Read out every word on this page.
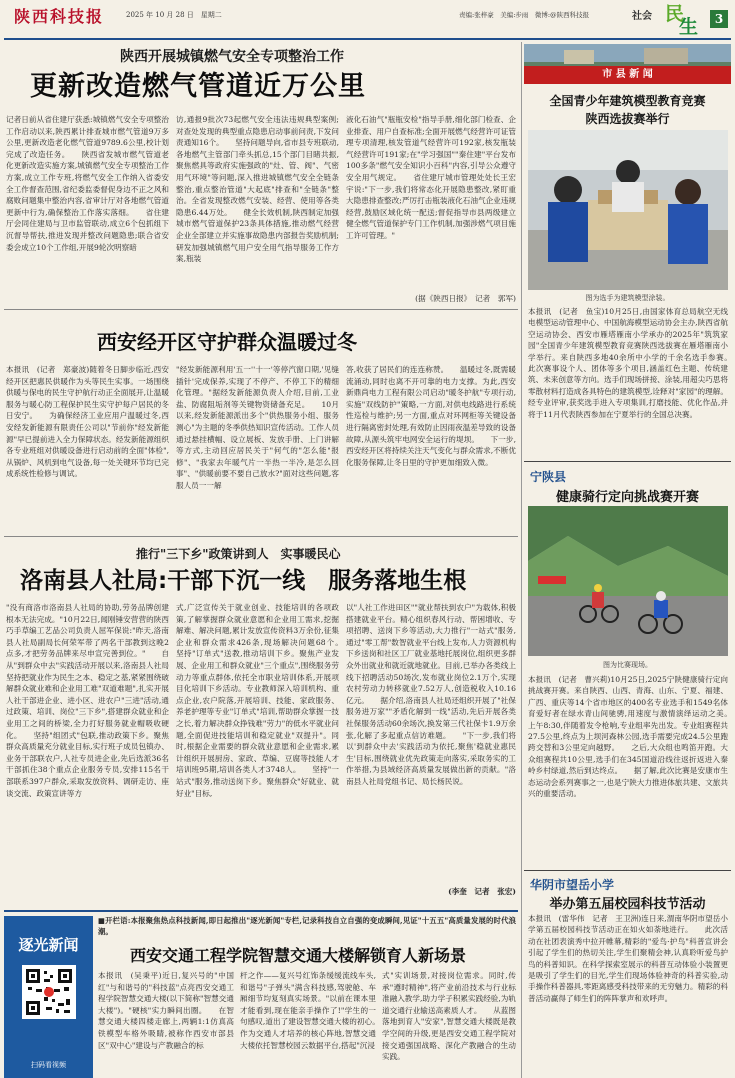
陕西科技报	2025 年 10 月 28 日　星期二	责编:张梓豪　美编:步雨　微博:@陕西科技报	社会 民
生	3
陕西开展城镇燃气安全专项整治工作
更新改造燃气管道近万公里
记者日前从省住建厅获悉:城镇燃气安全专项整治工作启动以来,陕西累计排查城市燃气管道9万多公里,更新改造老化燃气管道9789.6公里,校计划完成了改造任务。　　陕西省发城市燃气管道老化更新改造实施方案,城镇燃气安全专项整治工作方案,成立工作专班,将燃气安全工作纳入省委安全工作督查范围,省纪委监委督促身边不正之风和腐败问题集中整治内容,省审计厅对各地燃气管道更新中行为,确保整治工作落实落细。　　省住建厅会同住建局与卫市监管联动,成立6个包抓组下沉督导帮扶,推进发现并整改问题隐患;联合省安委会成立10个工作组,开展9轮次明察暗
访,通报9批次73起燃气安全违法违规典型案例;对查处发现的典型重点隐患启动事前问责,下发问责通知16个。　　坚持问题导向,省市县专班联动,各地燃气主管部门牵头抓总,15个部门目睹共振,聚焦燃具等政府实施强政的"灶、管、阀"、气密用气环境"等问题,深入推进城镇燃气安全全链条整治,重点整治管道"大起底"排查和"全链条"整治。全省发现整改燃气安装、经营、使用等各类隐患6.44万处。　　健全长效机制,陕西制定加强城市燃气管道保护23条具体措施,推动燃气经营企业全部建立并实施事故隐患内部报告奖励机制;研发加强城镇燃气用户安全用气指导服务工作方案,瓶装
液化石油气"瓶瓶安检"指导手册,细化部门检查、企业排查、用户自查标准;全面开展燃气经营许可证管理专项清理,核发管道气经营许可192家,核发瓶装气经营许可191家;在"学习强国""秦住建"平台发布100多条"燃气安全知识小百科"内容,引导公众遵守安全用气规定。　　省住建厅城市管理处处长王宏宇说:"下一步,我们将常态化开展隐患整改,紧盯重大隐患排查整改;严厉打击瓶装液化石油气企业违规经营,鼓励区域化统一配送;督促指导市县两级建立健全燃气管道保护专门工作机制,加强涉燃气项目施工许可管理。"
(据《陕西日报》　记者　郭军)
西安经开区守护群众温暖过冬
本报讯　(记者　郑豪波)随着冬日脚步临近,西安经开区把惠民供暖作为头等民生实事。一场围绕供暖与保电的民生守护航行动正全面展开,让温暖服务与暖心防工程保护民生实守护每户居民的冬日安宁。　　为确保经济工业应用户温暖过冬,西安经发新能源有限责任公司以"节前你"经发新能源"早已提前进入全力保障状态。经发新能源组织各专业班组对供暖设备进行启动前的全面"体检",从锅炉、风机到电气设备,每一处关键环节均已完成系统性检修与调试。
"经发新能源利用'五一''十一'等停汽窗口期,'见缝插针'完成保养,实现了不停产、不停工下的精细化管理。"据经发新能源负责人介绍,目前,工业盐、防腐阻垢剂等关键物资储备充足。　　10月以来,经发新能源派出多个"供热服务小组、服务测心"为主题的冬季供热知识宣传活动。工作人员通过悬挂横幅、设立展板、发放手册、上门讲解等方式,主动回应居民关于"何气的"怎么能"报修"、"我家去年暖气片一半热一半冷,是怎么回事"、"供暖前要不要自己放水?"面对这些问题,客服人员一一解
答,收获了居民们的连连称赞。　　温暖过冬,既需暖流涌动,同时也离不开可靠的电力支撑。为此,西安新鼎尚电力工程有限公司启动"暖冬护航"专项行动,实施"双线防护"策略,一方面,对供电线路进行系统性巡检与维护;另一方面,重点对环网柜等关键设备进行隔离密封处理,有效防止因雨夜温差导致的设备故障,从源头筑牢电网安全运行的堤坝。　　下一步,西安经开区将持续关注天气变化与群众需求,不断优化服务保障,让冬日里的守护更加细致入微。
推行"三下乡"政策讲到人　实事暖民心
洛南县人社局:干部下沉一线　服务落地生根
"没有商洛市洛南县人社局的协助,劳务品牌创建根本无法完成。"10月22日,闻刚锤安营营的陕西巧手草编工艺品公司负责人屈军保说:"昨天,洛南县人社局副局长何荣军带了两名干部教到这晚2点多,才把劳务品牌来尽申宣完善到位。"　　自从"到群众中去"实践活动开展以来,洛南县人社局坚持把就业作为民生之本、稳定之基,紧紧围绕破解群众就业难和企业用工难"双道难题",扎实开展人社干部进企业、进小区、进农户"三进"活动,通过政策、培训、岗位"三下乡",搭建群众就业和企业用工之间的桥梁,全力打好服务就业帽吸收硬化。　　坚持"组团式"包联,推动政策下乡。聚焦群众高质量充分就业目标,实行班子成员包镇办、业务干部联农户,人社专员进企业,先后选派36名干部抓住38个重点企业服务专员,安排115名干部联系397户群众,采取发放资料、调研走访、座谈交流、政策宣讲等方
式,广泛宣传关于就业创业、技能培训的各项政策,了解掌握群众就业意愿和企业用工需求,挖掘解难、解决问题,累计发放宣传资料3万余份,征集企业和群众需求426条,现场解决问题68个。　　坚持"订单式"送教,推动培训下乡。聚焦产业发展、企业用工和群众就业"三个重点",围绕服务劳动力等重点群体,依托全市职业培训体系,开展项目化培训下乡活动。专业教师深入培训机构、重点企业,农户院落,开展培训、技能、家政服务、养老护理等专业"订单式"培训,帮助群众掌握一技之长,着力解决群众挣钱难"劳力"的低水平就业问题,全面促进技能培训和稳定就业"双提升"。同时,根据企业需要的群众就业意愿和企业需求,累计组织开展厨房、家政、草编、豆腐等技能人才培训班95期,培训各类人才3748人。　　坚持"一站式"服务,推动送岗下乡。聚焦群众"好就业、就好业"目标,
以"人社工作进田区""就业帮扶到农户"为载体,积极搭建就业平台。精心组织春风行动、帮困增收、专项招聘、送岗下乡等活动,大力推行"一站式"服务,通过"零工帮"数智就业平台线上发布,人力资源机构下乡送岗和社区工厂就业基地托展岗位,组织更多群众外出就业和就近就地就业。目前,已举办各类线上线下招聘活动50场次,发布就业岗位2.1万个,实现农村劳动力转移就业7.52万人,创造税收入10.16亿元。　　据介绍,洛南县人社局还组织开展了"社保服务进万家""矛盾化解到一线"活动,先后开展各类社保服务活动60余场次,换发第三代社保卡1.9万余张,化解了多起重点信访难题。　　"下一步,我们将以'到群众中去'实践活动为依托,聚焦'稳就业惠民生'目标,围绕就业优先政策走向落实,采取务实的工作举措,为县域经济高质量发展做出新的贡献。"洛南县人社局党组书记、局长杨民说。
(李奎　记者　张宏)
逐光新闻
扫码看视频
■开栏语:本报聚焦热点科技新闻,即日起推出"逐光新闻"专栏,记录科技自立自强的变成瞬间,见证"十五五"高质量发展的时代浪潮。
西安交通工程学院智慧交通大楼解锁育人新场景
本报讯　(吴秉平)近日,复兴号的"中国红"与和谐号的"科技蓝"点亮西安交通工程学院智慧交通大楼(以下简称"智慧交通大楼")。"硬核"实力瞬间出圈。　　在智慧交通大楼四楼走廊上,两辆1:1仿真高铁模型车格外吸睛,被称作西安市部县区"双中心"建设与产教融合的标
杆之作——复兴号红饰条缓缓流线车头,和谐号"子弹头"满含科技感,驾驶舱、车厢细节均复刻真实场景。"以前在课本里才能看到,现在能亲手操作了!"学生的一句感叹,道出了建设智慧交通大楼的初心。　　作为交通人才培养的核心阵地,智慧交通大楼依托智慧校园云数据平台,搭起"沉浸
式"实训场景,对接岗位需求。同时,传承"遵时精神",将产业前沿技术与行业标准融入教学,助力学子积累实践经验,为轨道交通行业输送高素质人才。　　从蓝图落地到育人"安家",智慧交通大楼既是教学空间的升级,更是西安交通工程学院对接交通强国战略、深化产教融合的生动实践。
市 县 新 闻
全国青少年建筑模型教育竞赛
陕西选拔赛举行
图为选手为建筑模型涂装。
本报讯　(记者　鱼宝)10月25日,由国家体育总局航空无线电模型运动管理中心、中国航海模型运动协会主办,陕西省航空运动协会、西安市雁塔雁南小学承办的2025年"筑筑家园"全国青少年建筑模型教育竞赛陕西选拔赛在雁塔雁南小学举行。来自陕西多地40余所中小学的千余名选手参赛。　　此次赛事设个人、团体等多个项目,涵盖红色主题、传统建筑、未来创意等方向。选手们现场拼接、涂装,用超尖巧思将零散材料打造成各具特色的建筑模型,诠释对"家园"的理解。经专业评审,获奖选手进入专项集训,打磨技能、优化作品,并将于11月代表陕西参加在宁夏举行的全国总决赛。
宁陕县
健康骑行定向挑战赛开赛
图为比赛现场。
本报讯　(记者　曹兴莉)10月25日,2025宁陕健康骑行定向挑战赛开赛。来自陕西、山西、青海、山东、宁夏、福建、广西、重庆等14个省市地区的400名专业选手和1549名体育爱好者在绿水青山间驰骋,用速度与激情演绎运动之美。　　上午8:30,伴随着发令枪响,专业组率先出发。专业组赛程共27.5公里,终点为上坝河森林公园,选手需要完成24.5公里跑跨交替和3公里定向越野。　　之后,大众组也鸣笛开跑。大众组赛程共10公里,选手们在345国道沿线往返折返进入秦岭乡村绿道,然后到达终点。　　据了解,此次比赛是安康市生态运动会系列赛事之一,也是宁陕大力推进体旅共建、文旅共兴的重要活动。
华阴市望岳小学
举办第五届校园科技节活动
本报讯　(雷华伟　记者　王卫洲)连日来,渭南华阴市望岳小学第五届校园科技节活动正在如火如荼地进行。　　此次活动在社团表演秀中拉开帷幕,精彩的"爱鸟·护鸟"科普宣讲会引起了学生们的热切关注,学生们聚精会神,认真聆听爱鸟护鸟的科普知识。在科学探索室展示的科普互动体验小装置更是吸引了学生们的目光,学生们现场体验神奇的科普实验,动手操作科普器具,零距离感受科技带来的无穷魅力。精彩的科普活动赢得了师生们的阵阵掌声和欢呼声。
